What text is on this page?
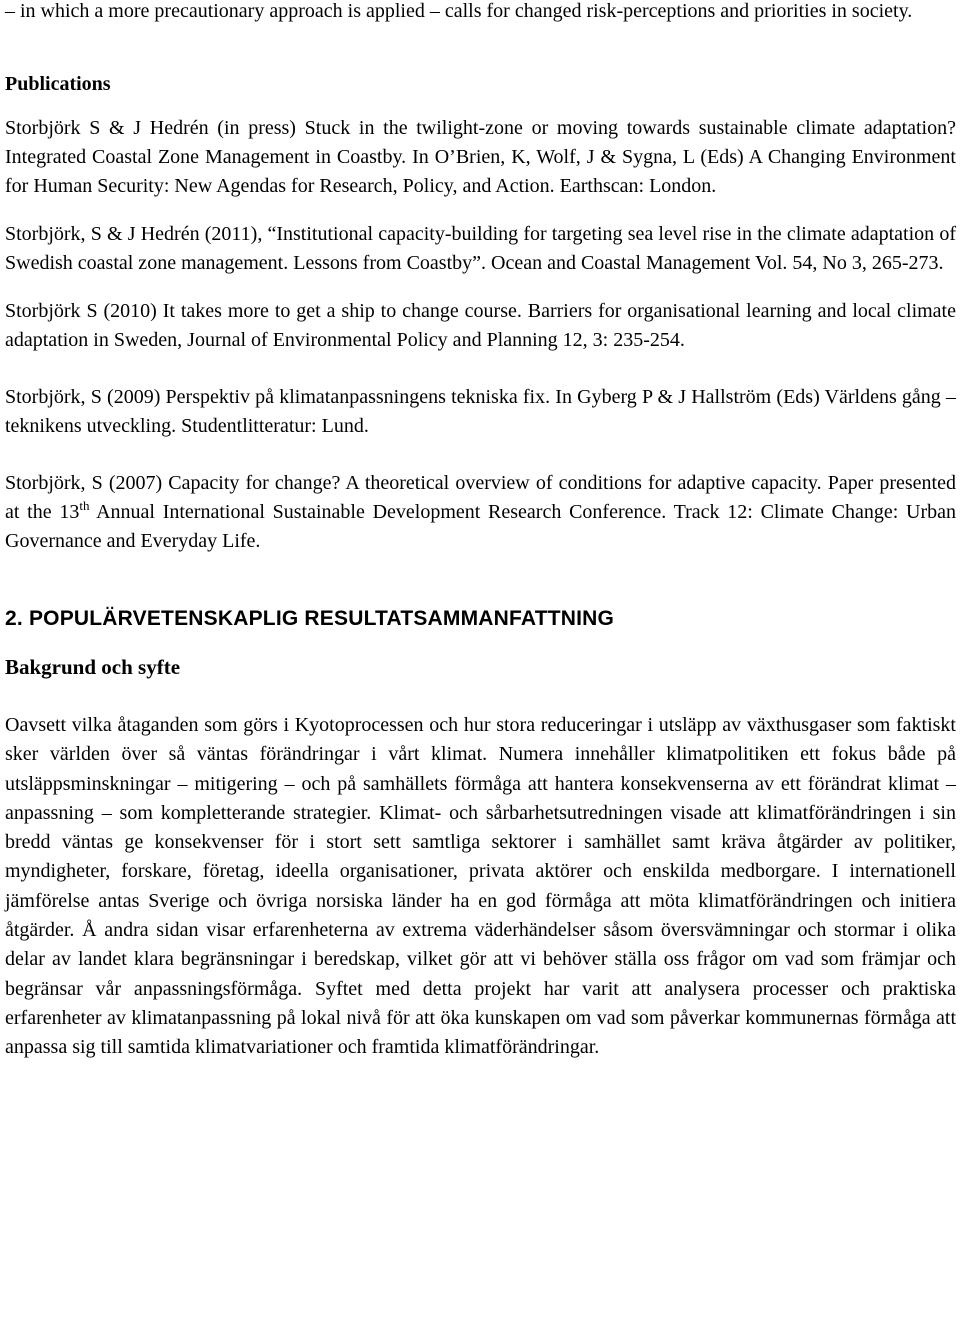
– in which a more precautionary approach is applied – calls for changed risk-perceptions and priorities in society.

Publications

Storbjörk S & J Hedrén (in press) Stuck in the twilight-zone or moving towards sustainable climate adaptation? Integrated Coastal Zone Management in Coastby. In O’Brien, K, Wolf, J & Sygna, L (Eds) A Changing Environment for Human Security: New Agendas for Research, Policy, and Action. Earthscan: London.

Storbjörk, S & J Hedrén (2011), “Institutional capacity-building for targeting sea level rise in the climate adaptation of Swedish coastal zone management. Lessons from Coastby”. Ocean and Coastal Management Vol. 54, No 3, 265-273.

Storbjörk S (2010) It takes more to get a ship to change course. Barriers for organisational learning and local climate adaptation in Sweden, Journal of Environmental Policy and Planning 12, 3: 235-254.

Storbjörk, S (2009) Perspektiv på klimatanpassningens tekniska fix. In Gyberg P & J Hallström (Eds) Världens gång – teknikens utveckling. Studentlitteratur: Lund.

Storbjörk, S (2007) Capacity for change? A theoretical overview of conditions for adaptive capacity. Paper presented at the 13th Annual International Sustainable Development Research Conference. Track 12: Climate Change: Urban Governance and Everyday Life.

2. POPULÄRVETENSKAPLIG RESULTATSAMMANFATTNING

Bakgrund och syfte

Oavsett vilka åtaganden som görs i Kyotoprocessen och hur stora reduceringar i utsläpp av växthusgaser som faktiskt sker världen över så väntas förändringar i vårt klimat. Numera innehåller klimatpolitiken ett fokus både på utsläppsminskningar – mitigering – och på samhällets förmåga att hantera konsekvenserna av ett förändrat klimat – anpassning – som kompletterande strategier. Klimat- och sårbarhetsutredningen visade att klimatförändringen i sin bredd väntas ge konsekvenser för i stort sett samtliga sektorer i samhället samt kräva åtgärder av politiker, myndigheter, forskare, företag, ideella organisationer, privata aktörer och enskilda medborgare. I internationell jämförelse antas Sverige och övriga norsiska länder ha en god förmåga att möta klimatförändringen och initiera åtgärder. Å andra sidan visar erfarenheterna av extrema väderhändelser såsom översvämningar och stormar i olika delar av landet klara begränsningar i beredskap, vilket gör att vi behöver ställa oss frågor om vad som främjar och begränsar vår anpassningsförmåga. Syftet med detta projekt har varit att analysera processer och praktiska erfarenheter av klimatanpassning på lokal nivå för att öka kunskapen om vad som påverkar kommunernas förmåga att anpassa sig till samtida klimatvariationer och framtida klimatförändringar.
